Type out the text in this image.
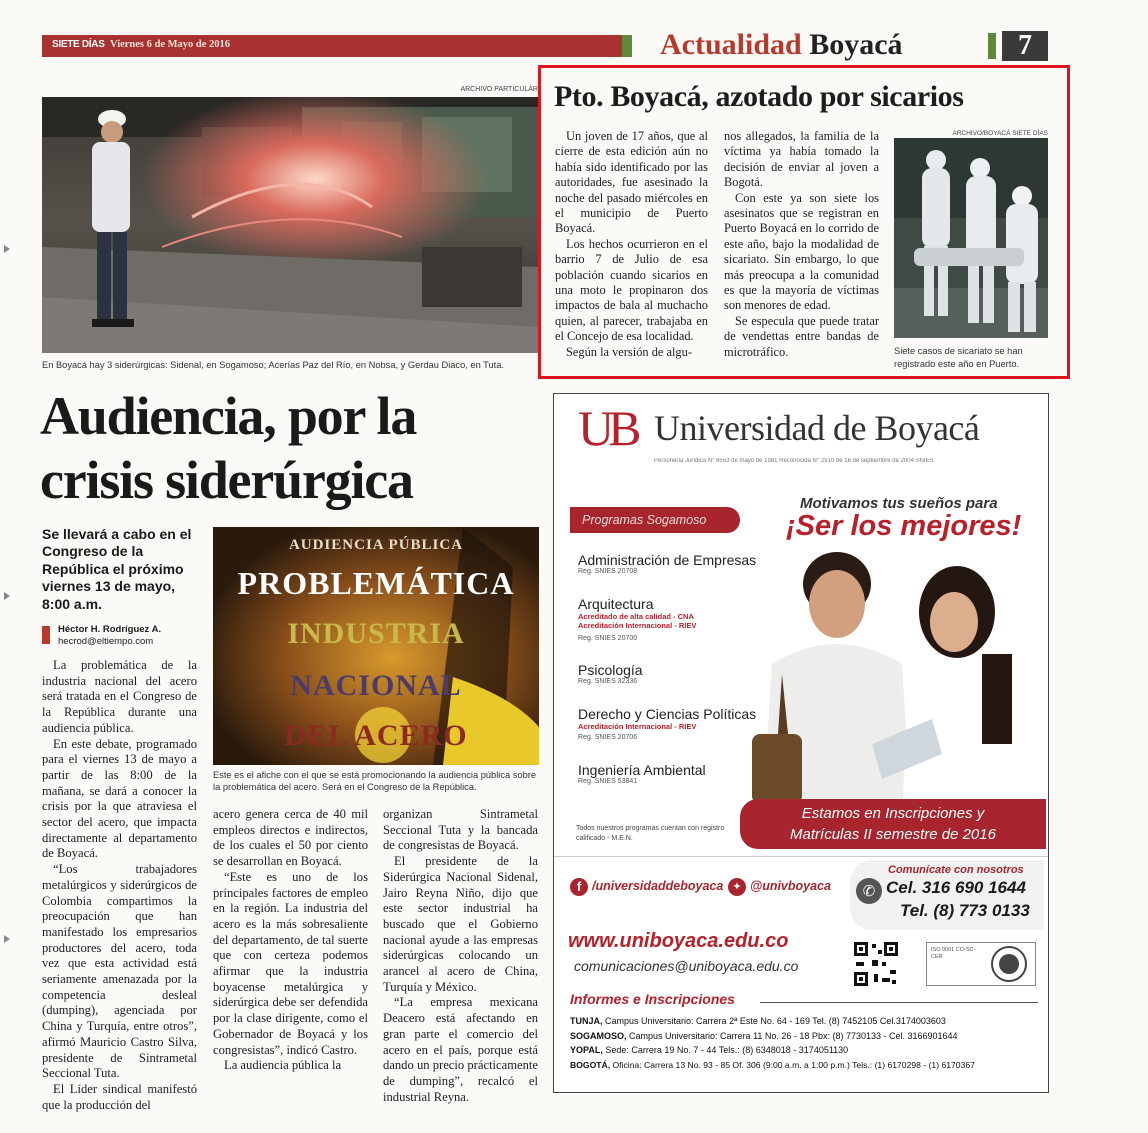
SIETE DÍAS Viernes 6 de Mayo de 2016	Actualidad Boyacá	7
ARCHIVO PARTICULAR
En Boyacá hay 3 siderúrgicas: Sidenal, en Sogamoso; Acerías Paz del Río, en Nobsa, y Gerdau Diaco, en Tuta.
Pto. Boyacá, azotado por sicarios

Un joven de 17 años, que al cierre de esta edición aún no había sido identificado por las autoridades, fue asesinado la noche del pasado miércoles en el municipio de Puerto Boyacá.

Los hechos ocurrieron en el barrio 7 de Julio de esa población cuando sicarios en una moto le propinaron dos impactos de bala al muchacho quien, al parecer, trabajaba en el Concejo de esa localidad.

Según la versión de algu-

nos allegados, la familia de la víctima ya había tomado la decisión de enviar al joven a Bogotá.

Con este ya son siete los asesinatos que se registran en Puerto Boyacá en lo corrido de este año, bajo la modalidad de sicariato. Sin embargo, lo que más preocupa a la comunidad es que la mayoría de víctimas son menores de edad.

Se especula que puede tratar de vendettas entre bandas de microtráfico.

ARCHIVO/BOYACÁ SIETE DÍAS
Siete casos de sicariato se han registrado este año en Puerto.
Audiencia, por la
crisis siderúrgica
Se llevará a cabo en el Congreso de la República el próximo viernes 13 de mayo, 8:00 a.m.
Héctor H. Rodríguez A.
hecrod@eltiempo.com
AUDIENCIA PÚBLICA
PROBLEMÁTICA
INDUSTRIA
NACIONAL
DEL ACERO
Este es el afiche con el que se está promocionando la audiencia pública sobre la problemática del acero. Será en el Congreso de la República.

La problemática de la industria nacional del acero será tratada en el Congreso de la República durante una audiencia pública.

En este debate, programado para el viernes 13 de mayo a partir de las 8:00 de la mañana, se dará a conocer la crisis por la que atraviesa el sector del acero, que impacta directamente al departamento de Boyacá.

“Los trabajadores metalúrgicos y siderúrgicos de Colombia compartimos la preocupación que han manifestado los empresarios productores del acero, toda vez que esta actividad está seriamente amenazada por la competencia desleal (dumping), agenciada por China y Turquía, entre otros”, afirmó Mauricio Castro Silva, presidente de Sintrametal Seccional Tuta.

El Líder sindical manifestó que la producción del

acero genera cerca de 40 mil empleos directos e indirectos, de los cuales el 50 por ciento se desarrollan en Boyacá.

“Este es uno de los principales factores de empleo en la región. La industria del acero es la más sobresaliente del departamento, de tal suerte que con certeza podemos afirmar que la industria boyacense metalúrgica y siderúrgica debe ser defendida por la clase dirigente, como el Gobernador de Boyacá y los congresistas”, indicó Castro.

La audiencia pública la

organizan Sintrametal Seccional Tuta y la bancada de congresistas de Boyacá.

El presidente de la Siderúrgica Nacional Sidenal, Jairo Reyna Niño, dijo que este sector industrial ha buscado que el Gobierno nacional ayude a las empresas siderúrgicas colocando un arancel al acero de China, Turquía y México.

“La empresa mexicana Deacero está afectando en gran parte el comercio del acero en el país, porque está dando un precio prácticamente de dumping”, recalcó el industrial Reyna.

UB Universidad de Boyacá
Personería Jurídica N° 6553 de mayo de 1981 Reconocida N° 2910 de 16 de septiembre de 2004 SNIES
Motivamos tus sueños para
¡Ser los mejores!
Programas Sogamoso
Administración de Empresas
Reg. SNIES 20708
Arquitectura
Acreditado de alta calidad - CNA
Acreditación Internacional - RIEV
Reg. SNIES 20700
Psicología
Reg. SNIES 32336
Derecho y Ciencias Políticas
Acreditación Internacional - RIEV
Reg. SNIES 20706
Ingeniería Ambiental
Reg. SNIES 53841
Todos nuestros programas cuentan con registro calificado - M.E.N.
Estamos en Inscripciones y
Matrículas II semestre de 2016
f /universidaddeboyaca ✦ @univboyaca
Comunícate con nosotros
✆ Cel. 316 690 1644
Tel. (8) 773 0133
www.uniboyaca.edu.co
comunicaciones@uniboyaca.edu.co
ISO 9001 CO-SC-CER
Informes e Inscripciones
TUNJA, Campus Universitario: Carrera 2ª Este No. 64 - 169 Tel. (8) 7452105 Cel.3174003603
SOGAMOSO, Campus Universitario: Carrera 11 No. 26 - 18 Pbx: (8) 7730133 - Cel. 3166901644
YOPAL, Sede: Carrera 19 No. 7 - 44 Tels.: (8) 6348018 - 3174051130
BOGOTÁ, Oficina: Carrera 13 No. 93 - 85 Of. 306 (9:00 a.m. a 1:00 p.m.) Tels.: (1) 6170298 - (1) 6170367
